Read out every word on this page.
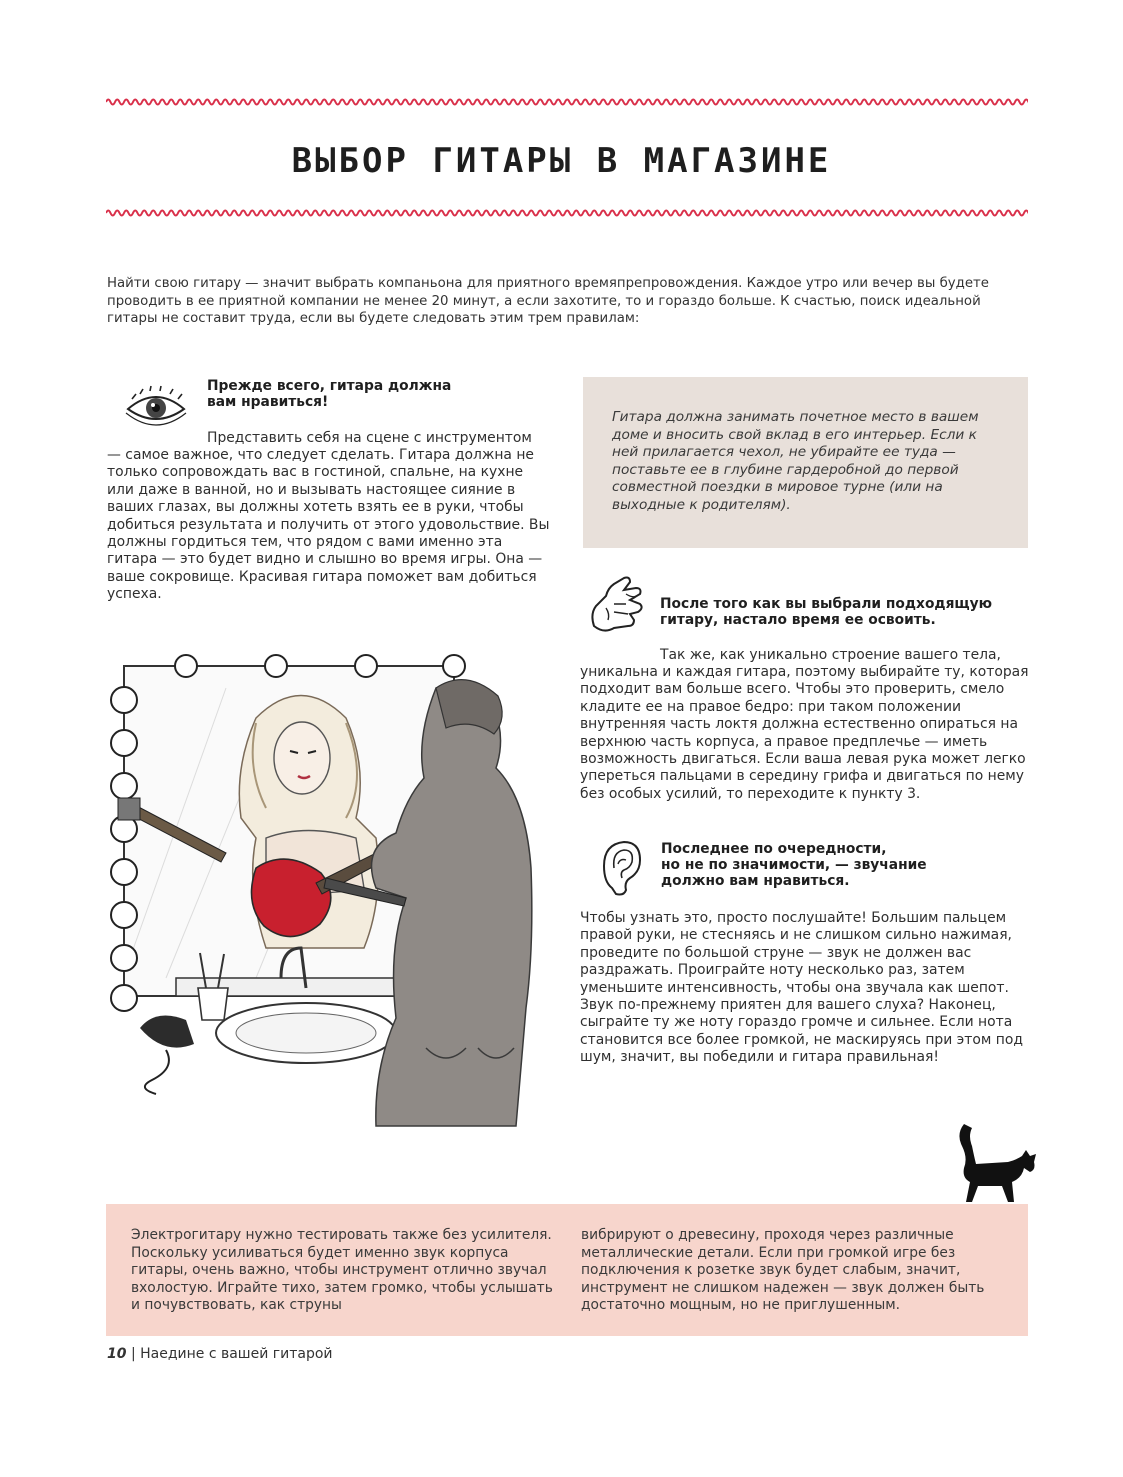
ВЫБОР ГИТАРЫ В МАГАЗИНЕ
Найти свою гитару — значит выбрать компаньона для приятного времяпрепровождения. Каждое утро или вечер вы будете проводить в ее приятной компании не менее 20 минут, а если захотите, то и гораздо больше. К счастью, поиск идеальной гитары не составит труда, если вы будете следовать этим трем правилам:
Прежде всего, гитара должна
вам нравиться!
Представить себя на сцене с инструментом
— самое важное, что следует сделать. Гитара должна не только сопровождать вас в гостиной, спальне, на кухне или даже в ванной, но и вызывать настоящее сияние в ваших глазах, вы должны хотеть взять ее в руки, чтобы добиться результата и получить от этого удовольствие. Вы должны гордиться тем, что рядом с вами именно эта гитара — это будет видно и слышно во время игры. Она — ваше сокровище. Красивая гитара поможет вам добиться успеха.
Гитара должна занимать почетное место в вашем доме и вносить свой вклад в его интерьер. Если к ней прилагается чехол, не убирайте ее туда — поставьте ее в глубине гардеробной до первой совместной поездки в мировое турне (или на выходные к родителям).
После того как вы выбрали подходящую
гитару, настало время ее освоить.
Так же, как уникально строение вашего тела,
уникальна и каждая гитара, поэтому выбирайте ту, которая подходит вам больше всего. Чтобы это проверить, смело кладите ее на правое бедро: при таком положении внутренняя часть локтя должна естественно опираться на верхнюю часть корпуса, а правое предплечье — иметь возможность двигаться. Если ваша левая рука может легко упереться пальцами в середину грифа и двигаться по нему без особых усилий, то переходите к пункту 3.
Последнее по очередности,
но не по значимости, — звучание
должно вам нравиться.
Чтобы узнать это, просто послушайте! Большим пальцем правой руки, не стесняясь и не слишком сильно нажимая, проведите по большой струне — звук не должен вас раздражать. Проиграйте ноту несколько раз, затем уменьшите интенсивность, чтобы она звучала как шепот. Звук по-прежнему приятен для вашего слуха? Наконец, сыграйте ту же ноту гораздо громче и сильнее. Если нота становится все более громкой, не маскируясь при этом под шум, значит, вы победили и гитара правильная!
Электрогитару нужно тестировать также без усилителя. Поскольку усиливаться будет именно звук корпуса гитары, очень важно, чтобы инструмент отлично звучал вхолостую. Играйте тихо, затем громко, чтобы услышать и почувствовать, как струны
вибрируют о древесину, проходя через различные металлические детали. Если при громкой игре без подключения к розетке звук будет слабым, значит, инструмент не слишком надежен — звук должен быть достаточно мощным, но не приглушенным.
10 | Наедине с вашей гитарой
